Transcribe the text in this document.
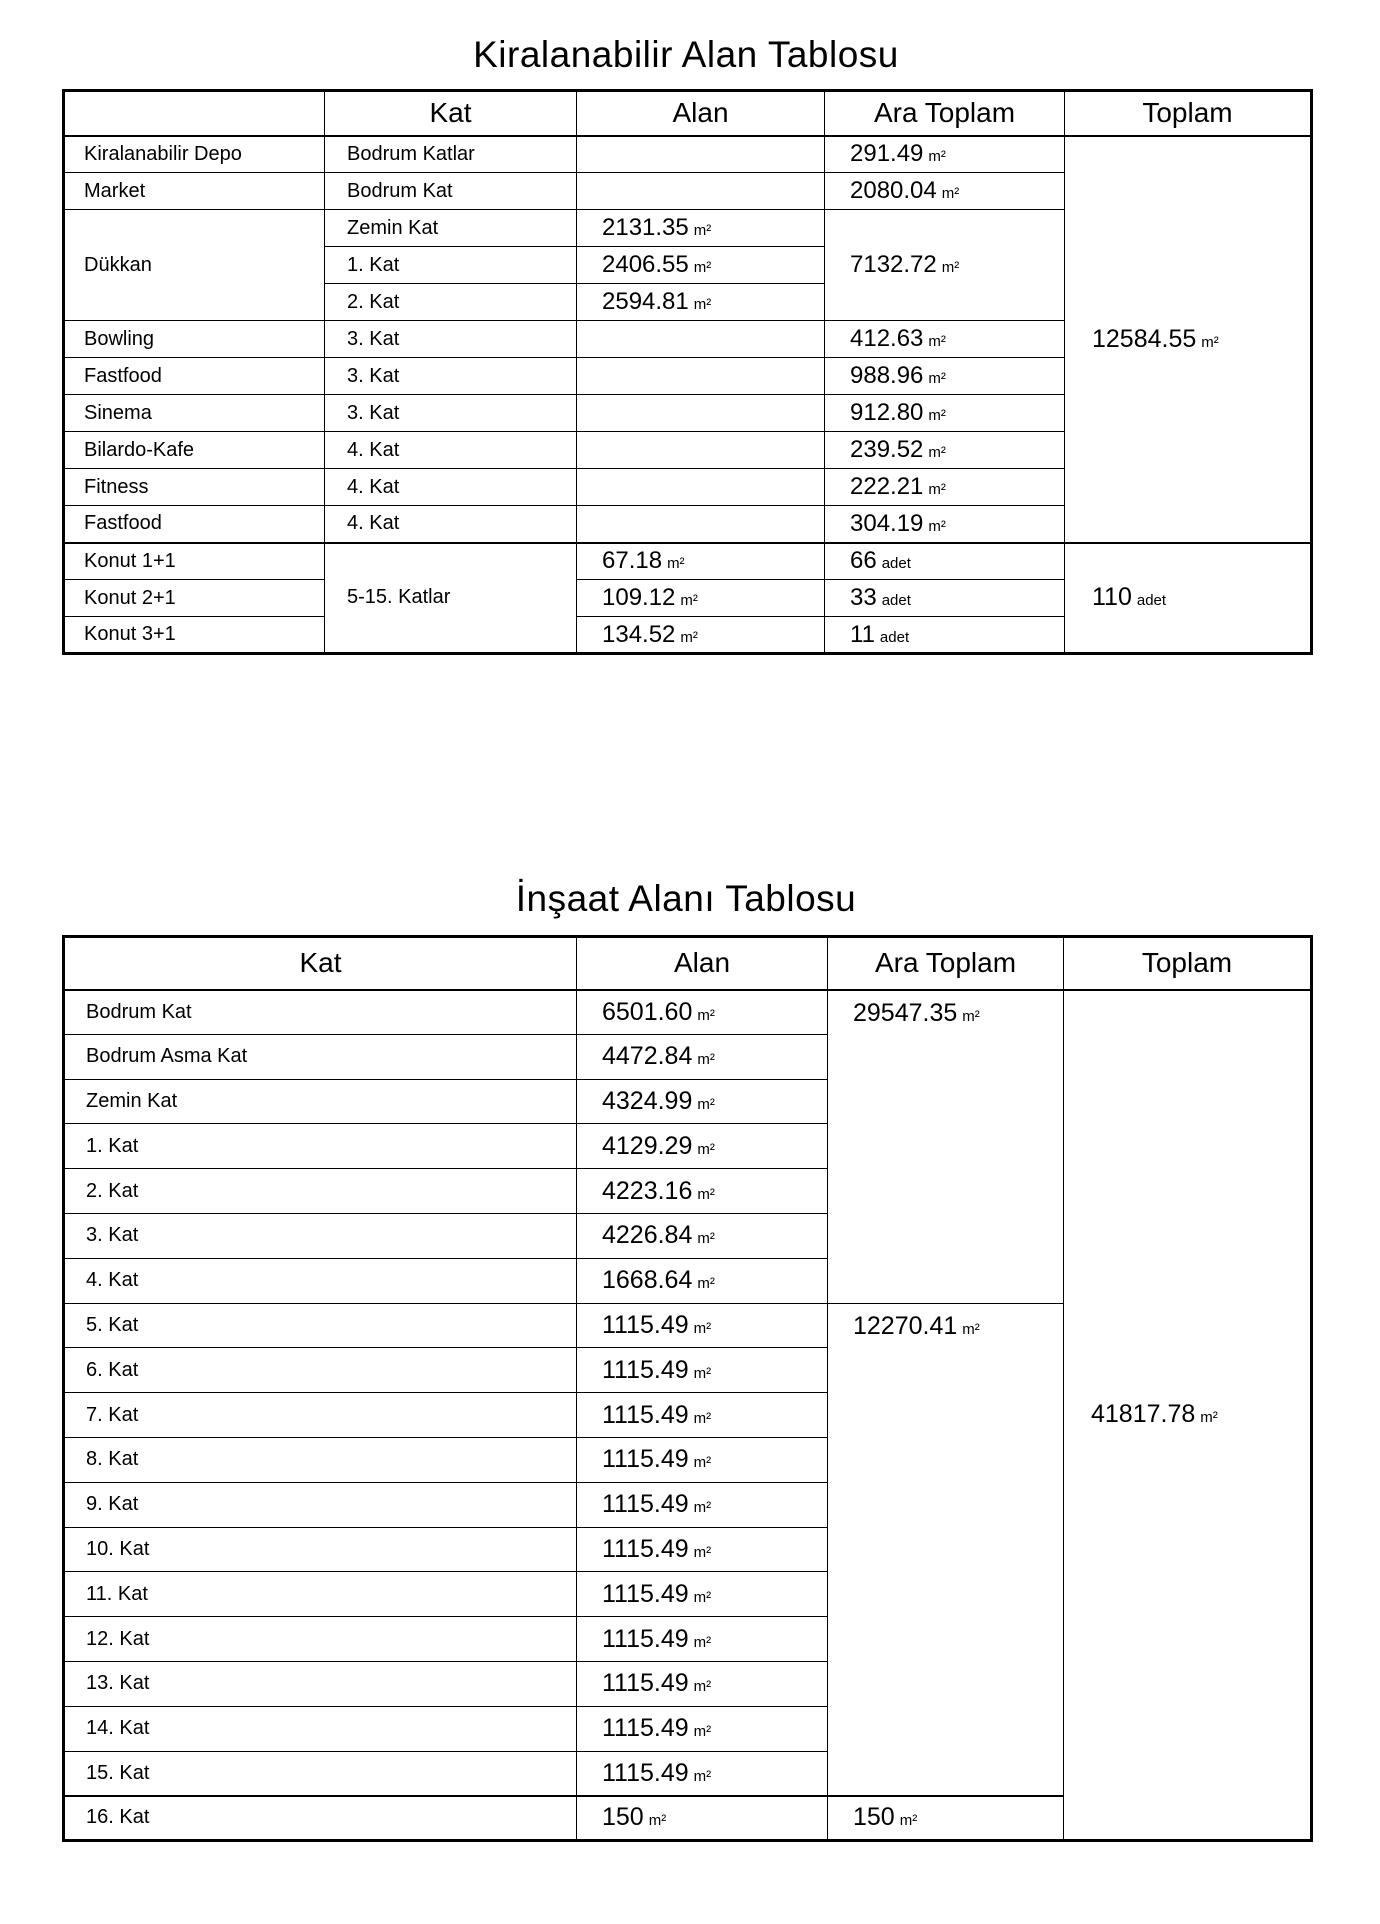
Kiralanabilir Alan Tablosu
	Kat	Alan	Ara Toplam	Toplam
Kiralanabilir Depo	Bodrum Katlar		291.49 m²	12584.55 m²
Market	Bodrum Kat		2080.04 m²	
Dükkan	Zemin Kat	2131.35 m²	7132.72 m²	
	1. Kat	2406.55 m²		
	2. Kat	2594.81 m²		
Bowling	3. Kat		412.63 m²	
Fastfood	3. Kat		988.96 m²	
Sinema	3. Kat		912.80 m²	
Bilardo-Kafe	4. Kat		239.52 m²	
Fitness	4. Kat		222.21 m²	
Fastfood	4. Kat		304.19 m²	
Konut 1+1	5-15. Katlar	67.18 m²	66 adet	110 adet
Konut 2+1		109.12 m²	33 adet	
Konut 3+1		134.52 m²	11 adet	
İnşaat Alanı Tablosu
Kat	Alan	Ara Toplam	Toplam
Bodrum Kat	6501.60 m²	29547.35 m²	41817.78 m²
Bodrum Asma Kat	4472.84 m²		
Zemin Kat	4324.99 m²		
1. Kat	4129.29 m²		
2. Kat	4223.16 m²		
3. Kat	4226.84 m²		
4. Kat	1668.64 m²		
5. Kat	1115.49 m²	12270.41 m²	
6. Kat	1115.49 m²		
7. Kat	1115.49 m²		
8. Kat	1115.49 m²		
9. Kat	1115.49 m²		
10. Kat	1115.49 m²		
11. Kat	1115.49 m²		
12. Kat	1115.49 m²		
13. Kat	1115.49 m²		
14. Kat	1115.49 m²		
15. Kat	1115.49 m²		
16. Kat	150 m²	150 m²	
